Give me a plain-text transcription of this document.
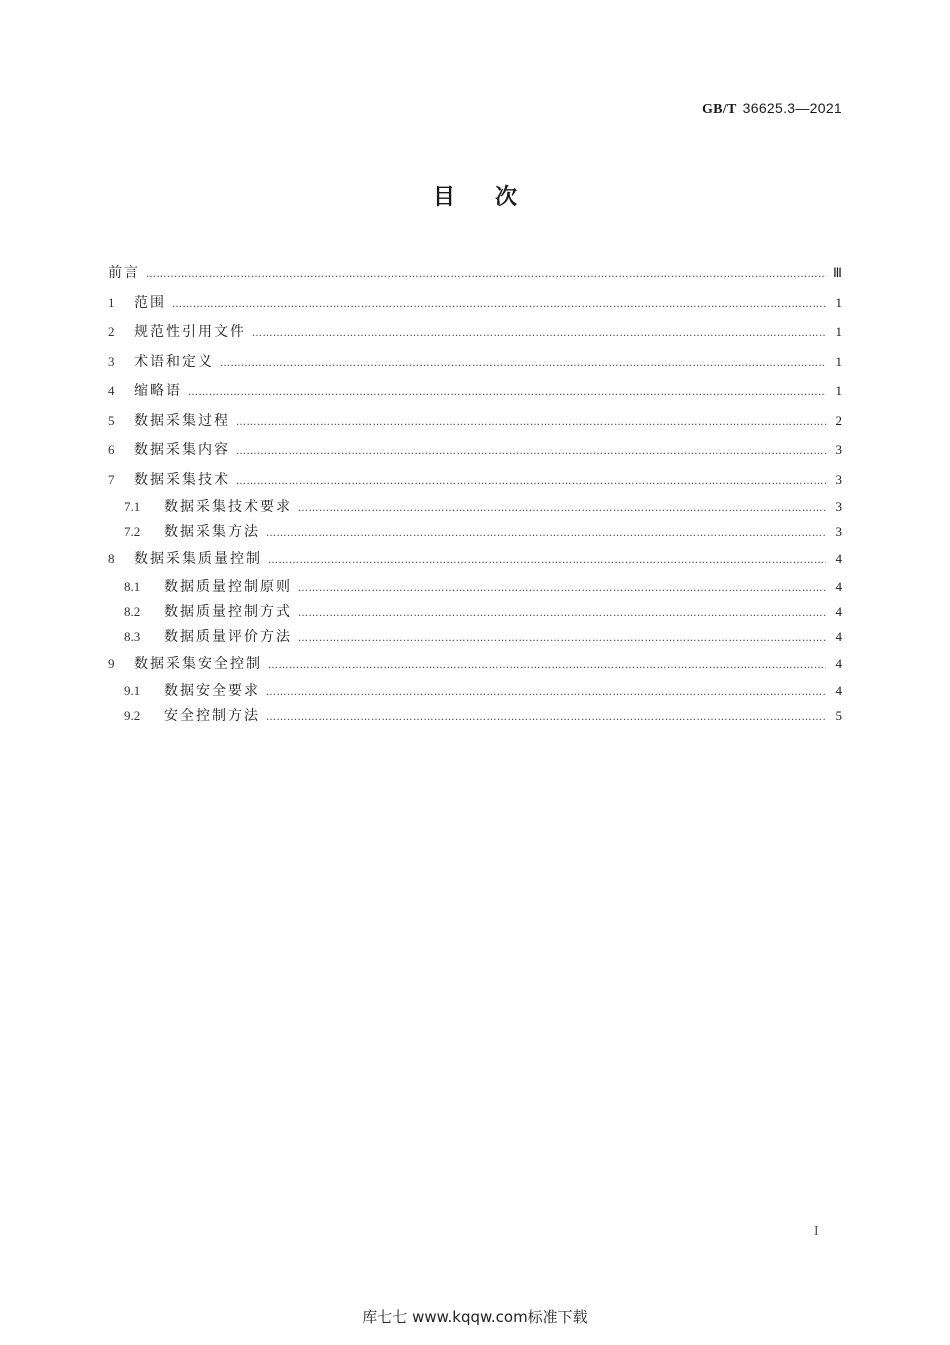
GB/T 36625.3—2021
目次
前言 …………………………………………………………………………………………………………………………………………………………………………………………………………………………	Ⅲ
1	范围 …………………………………………………………………………………………………………………………………………………………………………………………………………………………	1
2	规范性引用文件 …………………………………………………………………………………………………………………………………………………………………………………………………………………………	1
3	术语和定义 …………………………………………………………………………………………………………………………………………………………………………………………………………………………	1
4	缩略语 …………………………………………………………………………………………………………………………………………………………………………………………………………………………	1
5	数据采集过程 …………………………………………………………………………………………………………………………………………………………………………………………………………………………	2
6	数据采集内容 …………………………………………………………………………………………………………………………………………………………………………………………………………………………	3
7	数据采集技术 …………………………………………………………………………………………………………………………………………………………………………………………………………………………	3
7.1	数据采集技术要求 …………………………………………………………………………………………………………………………………………………………………………………………………………………………	3
7.2	数据采集方法 …………………………………………………………………………………………………………………………………………………………………………………………………………………………	3
8	数据采集质量控制 …………………………………………………………………………………………………………………………………………………………………………………………………………………………	4
8.1	数据质量控制原则 …………………………………………………………………………………………………………………………………………………………………………………………………………………………	4
8.2	数据质量控制方式 …………………………………………………………………………………………………………………………………………………………………………………………………………………………	4
8.3	数据质量评价方法 …………………………………………………………………………………………………………………………………………………………………………………………………………………………	4
9	数据采集安全控制 …………………………………………………………………………………………………………………………………………………………………………………………………………………………	4
9.1	数据安全要求 …………………………………………………………………………………………………………………………………………………………………………………………………………………………	4
9.2	安全控制方法 …………………………………………………………………………………………………………………………………………………………………………………………………………………………	5
I
库七七 www.kqqw.com标准下载
